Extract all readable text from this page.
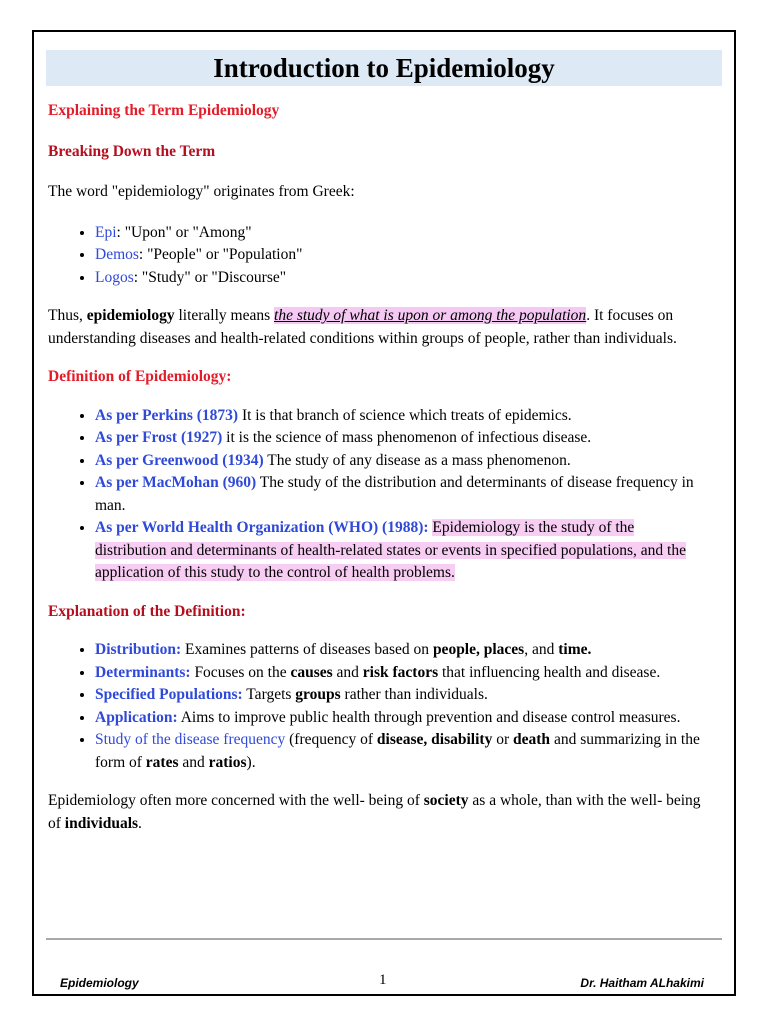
Introduction to Epidemiology

Explaining the Term Epidemiology

Breaking Down the Term

The word "epidemiology" originates from Greek:

• Epi: "Upon" or "Among"
• Demos: "People" or "Population"
• Logos: "Study" or "Discourse"

Thus, epidemiology literally means the study of what is upon or among the population. It focuses on understanding diseases and health-related conditions within groups of people, rather than individuals.

Definition of Epidemiology:

• As per Perkins (1873) It is that branch of science which treats of epidemics.
• As per Frost (1927) it is the science of mass phenomenon of infectious disease.
• As per Greenwood (1934) The study of any disease as a mass phenomenon.
• As per MacMohan (960) The study of the distribution and determinants of disease frequency in man.
• As per World Health Organization (WHO) (1988): Epidemiology is the study of the distribution and determinants of health-related states or events in specified populations, and the application of this study to the control of health problems.

Explanation of the Definition:

• Distribution: Examines patterns of diseases based on people, places, and time.
• Determinants: Focuses on the causes and risk factors that influencing health and disease.
• Specified Populations: Targets groups rather than individuals.
• Application: Aims to improve public health through prevention and disease control measures.
• Study of the disease frequency (frequency of disease, disability or death and summarizing in the form of rates and ratios).

Epidemiology often more concerned with the well- being of society as a whole, than with the well- being of individuals.

Epidemiology	1	Dr. Haitham ALhakimi
